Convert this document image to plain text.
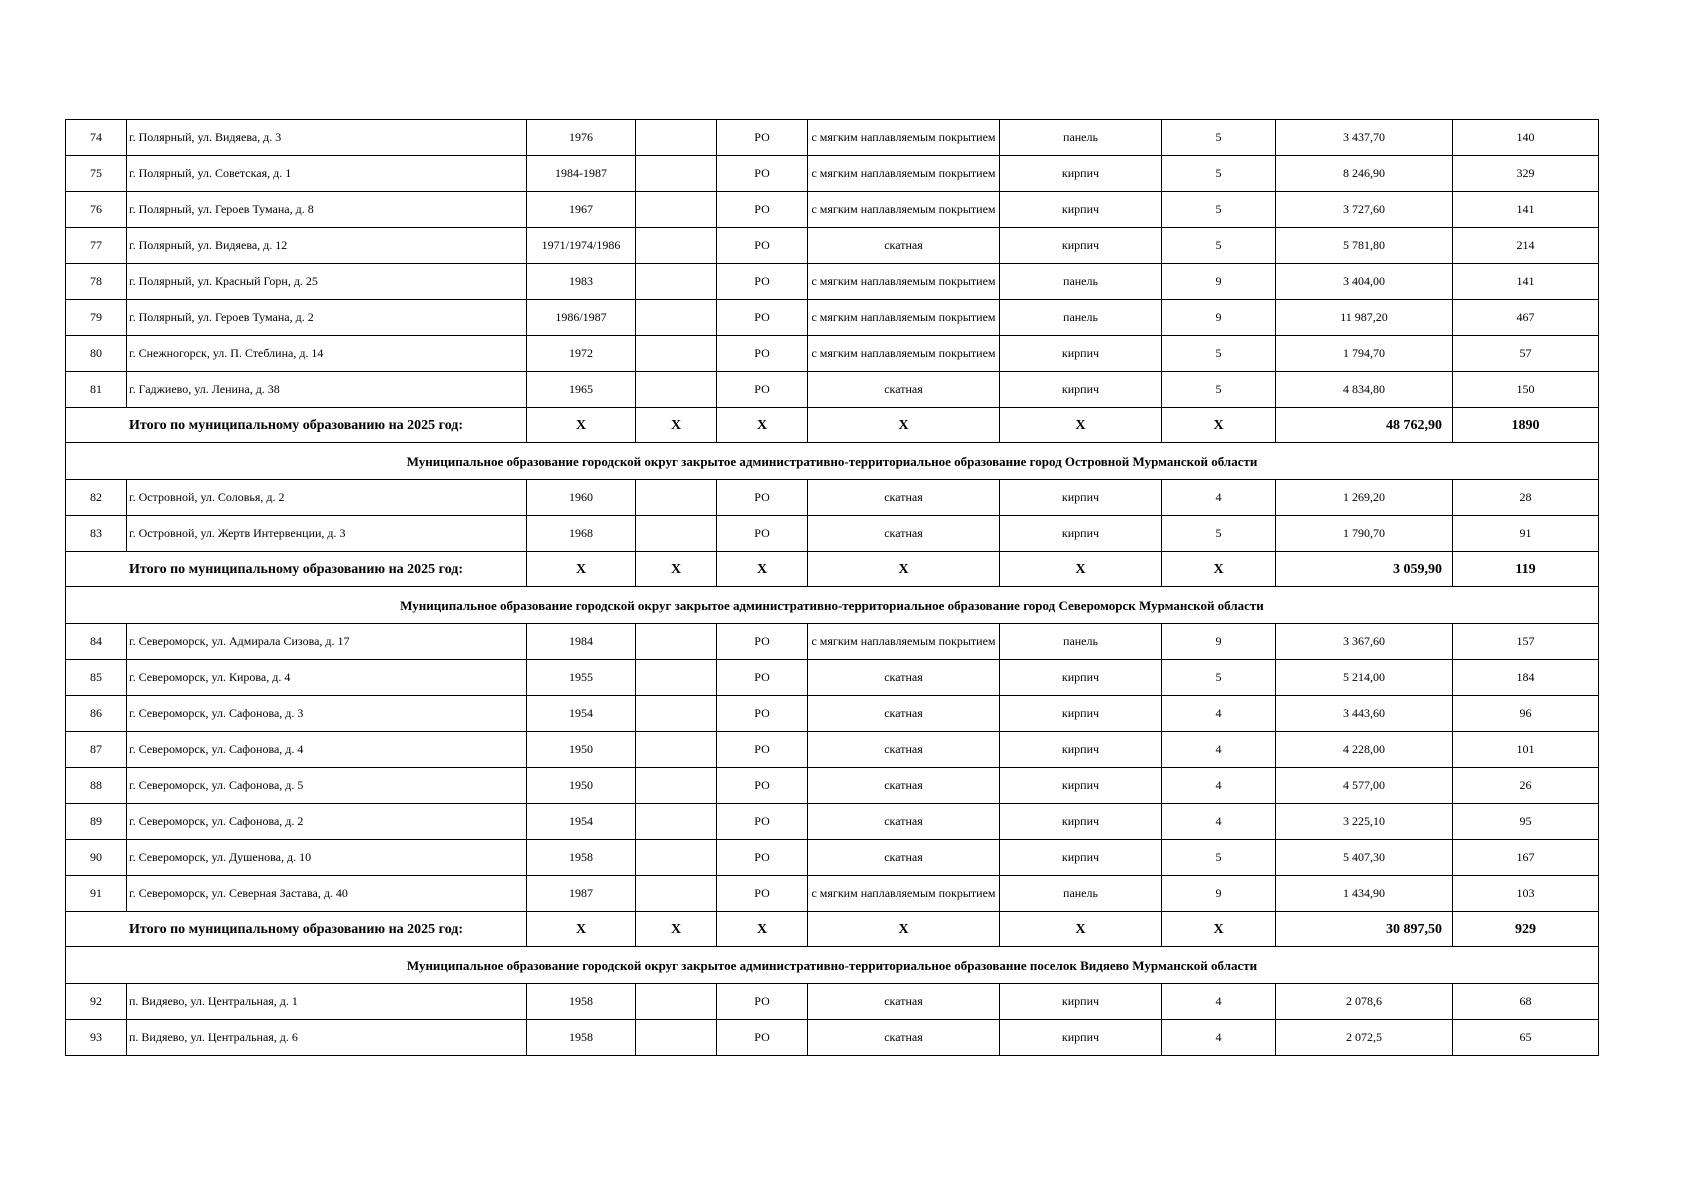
74	г. Полярный, ул. Видяева, д. 3	1976		РО	с мягким наплавляемым покрытием	панель	5	3 437,70	140
75	г. Полярный, ул. Советская, д. 1	1984-1987		РО	с мягким наплавляемым покрытием	кирпич	5	8 246,90	329
76	г. Полярный, ул. Героев Тумана, д. 8	1967		РО	с мягким наплавляемым покрытием	кирпич	5	3 727,60	141
77	г. Полярный, ул. Видяева, д. 12	1971/1974/1986		РО	скатная	кирпич	5	5 781,80	214
78	г. Полярный, ул. Красный Горн, д. 25	1983		РО	с мягким наплавляемым покрытием	панель	9	3 404,00	141
79	г. Полярный, ул. Героев Тумана, д. 2	1986/1987		РО	с мягким наплавляемым покрытием	панель	9	11 987,20	467
80	г. Снежногорск, ул. П. Стеблина, д. 14	1972		РО	с мягким наплавляемым покрытием	кирпич	5	1 794,70	57
81	г. Гаджиево, ул. Ленина, д. 38	1965		РО	скатная	кирпич	5	4 834,80	150
	Итого по муниципальному образованию на 2025 год:	X	X	X	X	X	X	48 762,90	1890
Муниципальное образование городской округ закрытое административно-территориальное образование город Островной Мурманской области									
82	г. Островной, ул. Соловья, д. 2	1960		РО	скатная	кирпич	4	1 269,20	28
83	г. Островной, ул. Жертв Интервенции, д. 3	1968		РО	скатная	кирпич	5	1 790,70	91
	Итого по муниципальному образованию на 2025 год:	X	X	X	X	X	X	3 059,90	119
Муниципальное образование городской округ закрытое административно-территориальное образование город Североморск Мурманской области									
84	г. Североморск, ул. Адмирала Сизова, д. 17	1984		РО	с мягким наплавляемым покрытием	панель	9	3 367,60	157
85	г. Североморск, ул. Кирова, д. 4	1955		РО	скатная	кирпич	5	5 214,00	184
86	г. Североморск, ул. Сафонова, д. 3	1954		РО	скатная	кирпич	4	3 443,60	96
87	г. Североморск, ул. Сафонова, д. 4	1950		РО	скатная	кирпич	4	4 228,00	101
88	г. Североморск, ул. Сафонова, д. 5	1950		РО	скатная	кирпич	4	4 577,00	26
89	г. Североморск, ул. Сафонова, д. 2	1954		РО	скатная	кирпич	4	3 225,10	95
90	г. Североморск, ул. Душенова, д. 10	1958		РО	скатная	кирпич	5	5 407,30	167
91	г. Североморск, ул. Северная Застава, д. 40	1987		РО	с мягким наплавляемым покрытием	панель	9	1 434,90	103
	Итого по муниципальному образованию на 2025 год:	X	X	X	X	X	X	30 897,50	929
Муниципальное образование городской округ закрытое административно-территориальное образование поселок Видяево Мурманской области									
92	п. Видяево, ул. Центральная, д. 1	1958		РО	скатная	кирпич	4	2 078,6	68
93	п. Видяево, ул. Центральная, д. 6	1958		РО	скатная	кирпич	4	2 072,5	65
